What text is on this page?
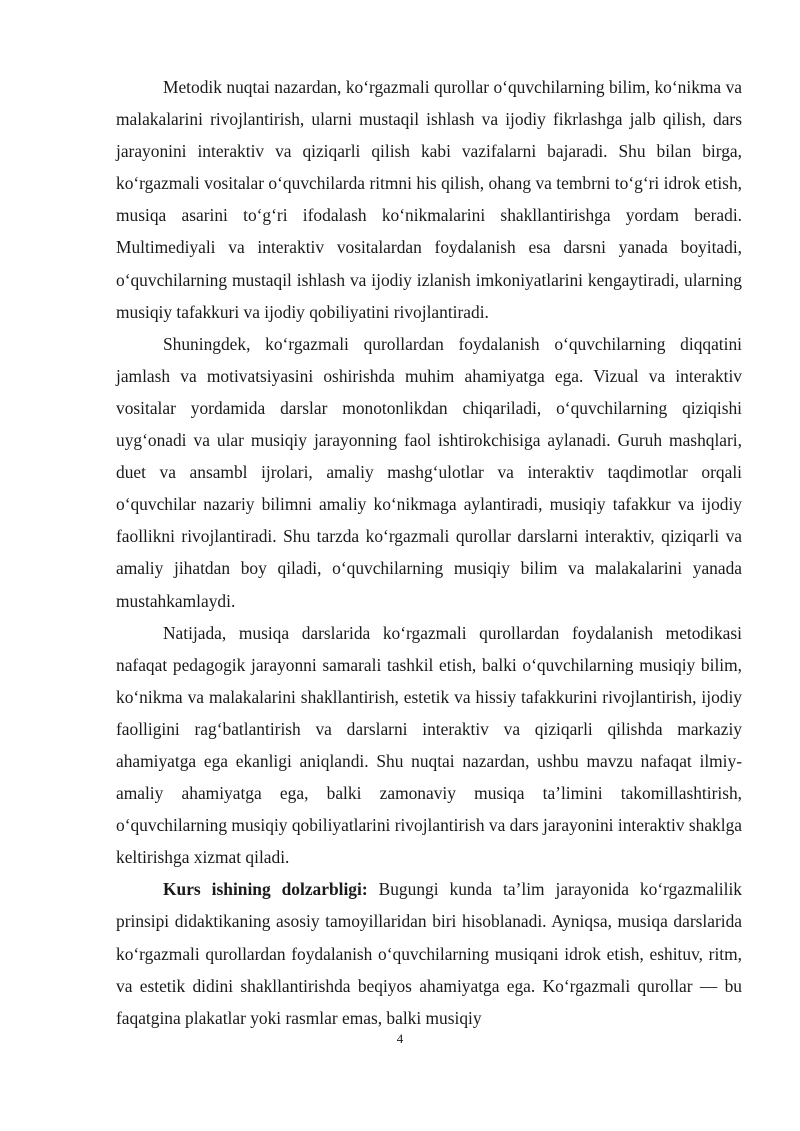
Metodik nuqtai nazardan, ko‘rgazmali qurollar o‘quvchilarning bilim, ko‘nikma va malakalarini rivojlantirish, ularni mustaqil ishlash va ijodiy fikrlashga jalb qilish, dars jarayonini interaktiv va qiziqarli qilish kabi vazifalarni bajaradi. Shu bilan birga, ko‘rgazmali vositalar o‘quvchilarda ritmni his qilish, ohang va tembrni to‘g‘ri idrok etish, musiqa asarini to‘g‘ri ifodalash ko‘nikmalarini shakllantirishga yordam beradi. Multimediyali va interaktiv vositalardan foydalanish esa darsni yanada boyitadi, o‘quvchilarning mustaqil ishlash va ijodiy izlanish imkoniyatlarini kengaytiradi, ularning musiqiy tafakkuri va ijodiy qobiliyatini rivojlantiradi.

Shuningdek, ko‘rgazmali qurollardan foydalanish o‘quvchilarning diqqatini jamlash va motivatsiyasini oshirishda muhim ahamiyatga ega. Vizual va interaktiv vositalar yordamida darslar monotonlikdan chiqariladi, o‘quvchilarning qiziqishi uyg‘onadi va ular musiqiy jarayonning faol ishtirokchisiga aylanadi. Guruh mashqlari, duet va ansambl ijrolari, amaliy mashg‘ulotlar va interaktiv taqdimotlar orqali o‘quvchilar nazariy bilimni amaliy ko‘nikmaga aylantiradi, musiqiy tafakkur va ijodiy faollikni rivojlantiradi. Shu tarzda ko‘rgazmali qurollar darslarni interaktiv, qiziqarli va amaliy jihatdan boy qiladi, o‘quvchilarning musiqiy bilim va malakalarini yanada mustahkamlaydi.

Natijada, musiqa darslarida ko‘rgazmali qurollardan foydalanish metodikasi nafaqat pedagogik jarayonni samarali tashkil etish, balki o‘quvchilarning musiqiy bilim, ko‘nikma va malakalarini shakllantirish, estetik va hissiy tafakkurini rivojlantirish, ijodiy faolligini rag‘batlantirish va darslarni interaktiv va qiziqarli qilishda markaziy ahamiyatga ega ekanligi aniqlandi. Shu nuqtai nazardan, ushbu mavzu nafaqat ilmiy-amaliy ahamiyatga ega, balki zamonaviy musiqa ta’limini takomillashtirish, o‘quvchilarning musiqiy qobiliyatlarini rivojlantirish va dars jarayonini interaktiv shaklga keltirishga xizmat qiladi.

Kurs ishining dolzarbligi: Bugungi kunda ta’lim jarayonida ko‘rgazmalilik prinsipi didaktikaning asosiy tamoyillaridan biri hisoblanadi. Ayniqsa, musiqa darslarida ko‘rgazmali qurollardan foydalanish o‘quvchilarning musiqani idrok etish, eshituv, ritm, va estetik didini shakllantirishda beqiyos ahamiyatga ega. Ko‘rgazmali qurollar — bu faqatgina plakatlar yoki rasmlar emas, balki musiqiy

4
